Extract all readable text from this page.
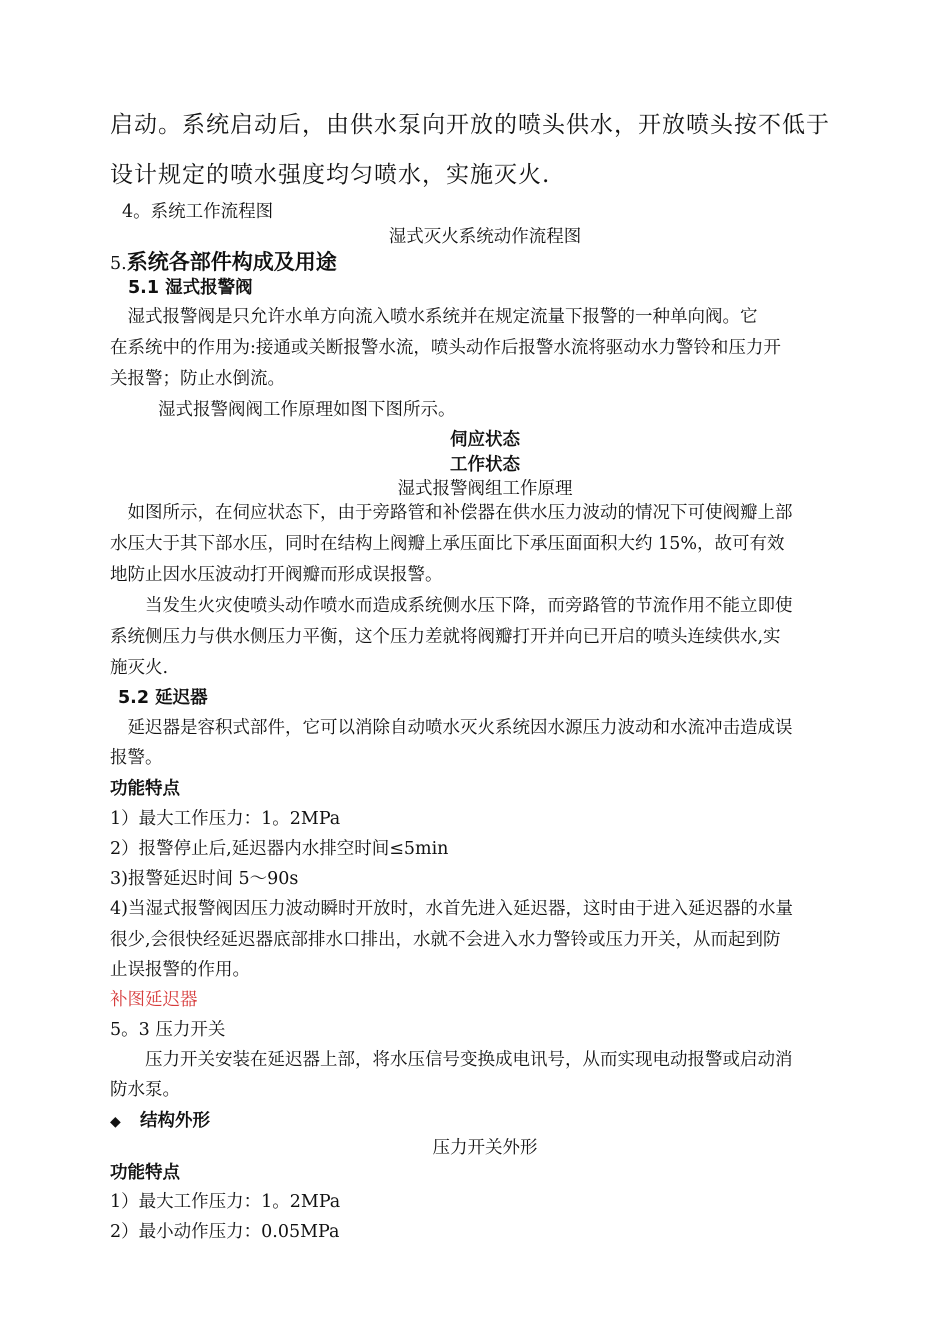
启动。系统启动后，由供水泵向开放的喷头供水，开放喷头按不低于
设计规定的喷水强度均匀喷水，实施灭火.
4。系统工作流程图
湿式灭火系统动作流程图
5.系统各部件构成及用途
5.1 湿式报警阀
　湿式报警阀是只允许水单方向流入喷水系统并在规定流量下报警的一种单向阀。它
在系统中的作用为:接通或关断报警水流，喷头动作后报警水流将驱动水力警铃和压力开
关报警；防止水倒流。
湿式报警阀阀工作原理如图下图所示。
伺应状态
工作状态
湿式报警阀组工作原理
　如图所示，在伺应状态下，由于旁路管和补偿器在供水压力波动的情况下可使阀瓣上部
水压大于其下部水压，同时在结构上阀瓣上承压面比下承压面面积大约 15%，故可有效
地防止因水压波动打开阀瓣而形成误报警。
　　当发生火灾使喷头动作喷水而造成系统侧水压下降，而旁路管的节流作用不能立即使
系统侧压力与供水侧压力平衡，这个压力差就将阀瓣打开并向已开启的喷头连续供水,实
施灭火.
5.2 延迟器
　延迟器是容积式部件，它可以消除自动喷水灭火系统因水源压力波动和水流冲击造成误
报警。
功能特点
1）最大工作压力：1。2MPa
2）报警停止后,延迟器内水排空时间≤5min
3)报警延迟时间 5～90s
4)当湿式报警阀因压力波动瞬时开放时，水首先进入延迟器，这时由于进入延迟器的水量
很少,会很快经延迟器底部排水口排出，水就不会进入水力警铃或压力开关，从而起到防
止误报警的作用。
补图延迟器
5。3 压力开关
　　压力开关安装在延迟器上部，将水压信号变换成电讯号，从而实现电动报警或启动消
防水泵。
◆ 结构外形
压力开关外形
功能特点
1）最大工作压力：1。2MPa
2）最小动作压力：0.05MPa
